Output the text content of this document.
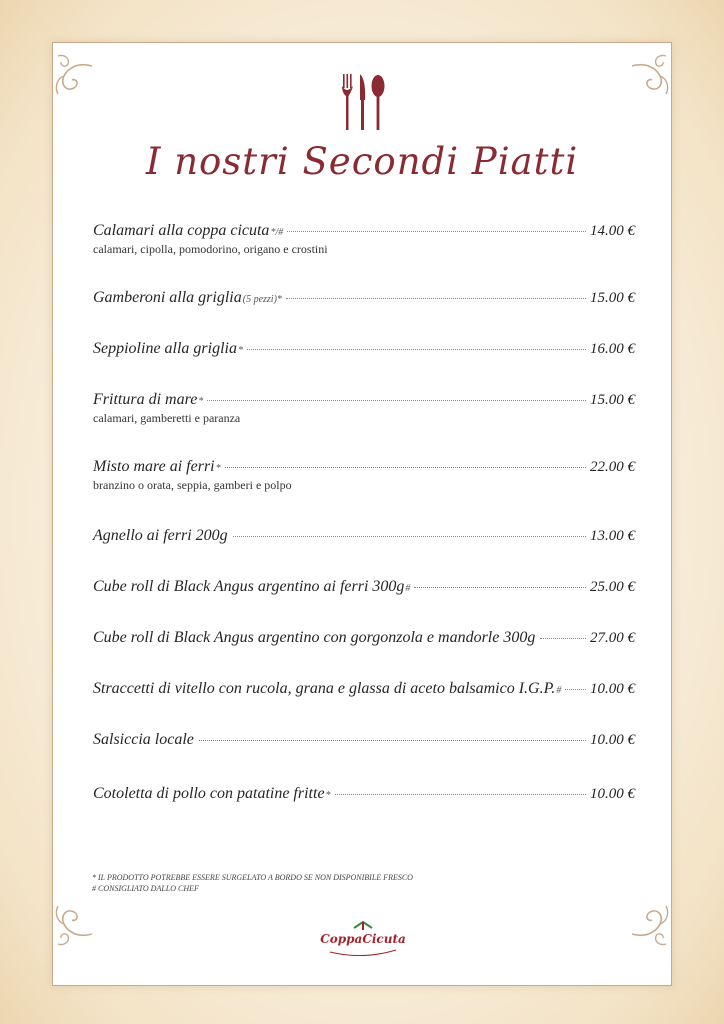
I nostri Secondi Piatti
Calamari alla coppa cicuta */#	14.00 €
calamari, cipolla, pomodorino, origano e crostini
Gamberoni alla griglia (5 pezzi)*	15.00 €
Seppioline alla griglia *	16.00 €
Frittura di mare *	15.00 €
calamari, gamberetti e paranza
Misto mare ai ferri *	22.00 €
branzino o orata, seppia, gamberi e polpo
Agnello ai ferri 200g	13.00 €
Cube roll di Black Angus argentino ai ferri 300g #	25.00 €
Cube roll di Black Angus argentino con gorgonzola e mandorle 300g	27.00 €
Straccetti di vitello con rucola, grana e glassa di aceto balsamico I.G.P. # 10.00 €
Salsiccia locale	10.00 €
Cotoletta di pollo con patatine fritte *	10.00 €
* IL PRODOTTO POTREBBE ESSERE SURGELATO A BORDO SE NON DISPONIBILE FRESCO
# CONSIGLIATO DALLO CHEF
CoppaCicuta
